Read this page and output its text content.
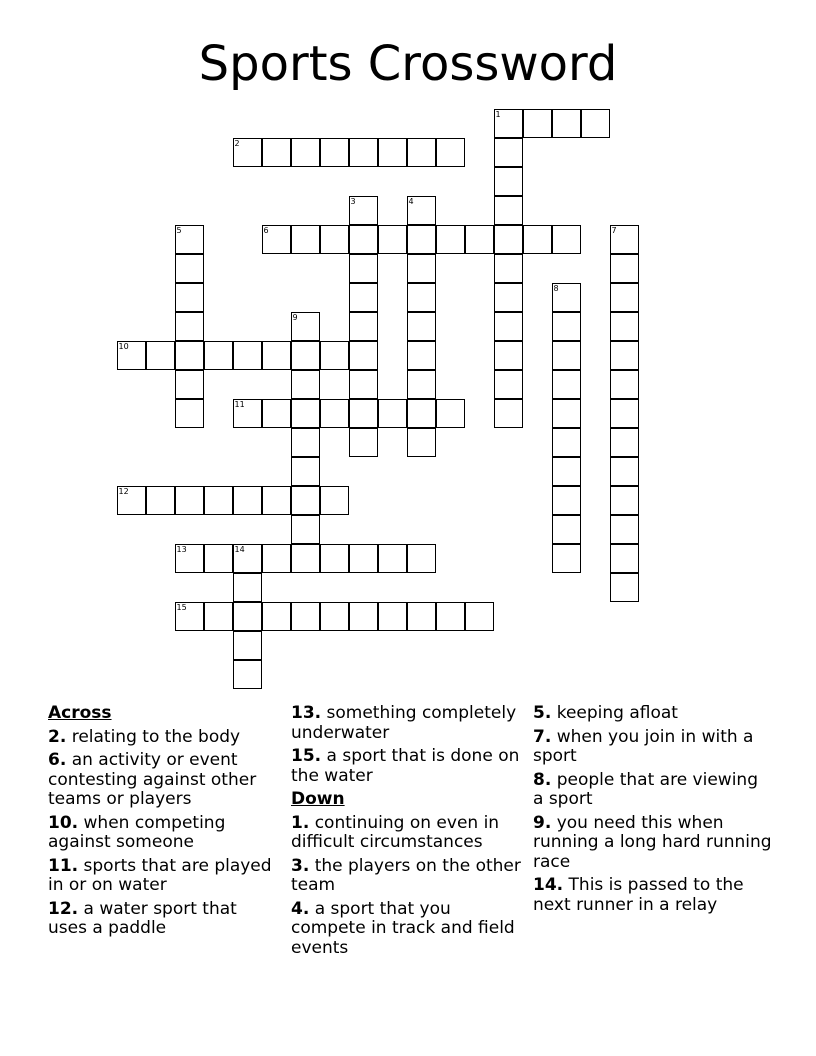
Sports Crossword
1
2
3	4
5	6	7
8
9
10
11
12
13	14
15
Across
2. relating to the body
6. an activity or event contesting against other teams or players
10. when competing against someone
11. sports that are played in or on water
12. a water sport that uses a paddle
13. something completely underwater
15. a sport that is done on the water
Down
1. continuing on even in difficult circumstances
3. the players on the other team
4. a sport that you compete in track and field events
5. keeping afloat
7. when you join in with a sport
8. people that are viewing a sport
9. you need this when running a long hard running race
14. This is passed to the next runner in a relay
